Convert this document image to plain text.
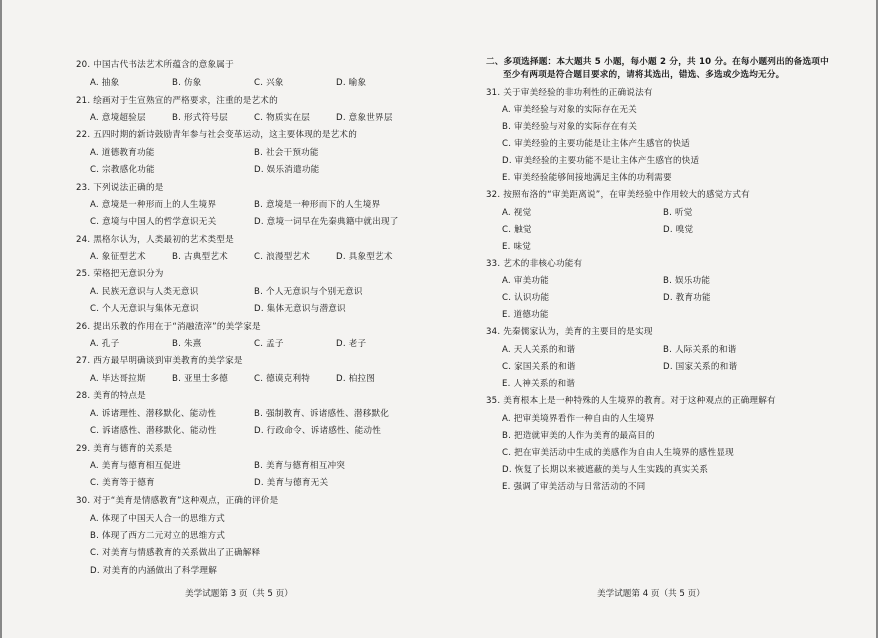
20. 中国古代书法艺术所蕴含的意象属于
A. 抽象	B. 仿象	C. 兴象	D. 喻象
21. 绘画对于生宣熟宣的严格要求，注重的是艺术的
A. 意境超验层	B. 形式符号层	C. 物质实在层	D. 意象世界层
22. 五四时期的新诗鼓励青年参与社会变革运动，这主要体现的是艺术的
A. 道德教育功能	B. 社会干预功能
C. 宗教感化功能	D. 娱乐消遣功能
23. 下列说法正确的是
A. 意境是一种形而上的人生境界	B. 意境是一种形而下的人生境界
C. 意境与中国人的哲学意识无关	D. 意境一词早在先秦典籍中就出现了
24. 黑格尔认为，人类最初的艺术类型是
A. 象征型艺术	B. 古典型艺术	C. 浪漫型艺术	D. 具象型艺术
25. 荣格把无意识分为
A. 民族无意识与人类无意识	B. 个人无意识与个别无意识
C. 个人无意识与集体无意识	D. 集体无意识与潜意识
26. 提出乐教的作用在于“消融渣滓”的美学家是
A. 孔子	B. 朱熹	C. 孟子	D. 老子
27. 西方最早明确谈到审美教育的美学家是
A. 毕达哥拉斯	B. 亚里士多德	C. 德谟克利特	D. 柏拉图
28. 美育的特点是
A. 诉诸理性、潜移默化、能动性	B. 强制教育、诉诸感性、潜移默化
C. 诉诸感性、潜移默化、能动性	D. 行政命令、诉诸感性、能动性
29. 美育与德育的关系是
A. 美育与德育相互促进	B. 美育与德育相互冲突
C. 美育等于德育	D. 美育与德育无关
30. 对于“美育是情感教育”这种观点，正确的评价是
A. 体现了中国天人合一的思维方式
B. 体现了西方二元对立的思维方式
C. 对美育与情感教育的关系做出了正确解释
D. 对美育的内涵做出了科学理解
美学试题第 3 页（共 5 页）
二、多项选择题：本大题共 5 小题，每小题 2 分，共 10 分。在每小题列出的备选项中
至少有两项是符合题目要求的，请将其选出，错选、多选或少选均无分。
31. 关于审美经验的非功利性的正确说法有
A. 审美经验与对象的实际存在无关
B. 审美经验与对象的实际存在有关
C. 审美经验的主要功能是让主体产生感官的快适
D. 审美经验的主要功能不是让主体产生感官的快适
E. 审美经验能够间接地满足主体的功利需要
32. 按照布洛的“审美距离说”，在审美经验中作用较大的感觉方式有
A. 视觉	B. 听觉
C. 触觉	D. 嗅觉
E. 味觉
33. 艺术的非核心功能有
A. 审美功能	B. 娱乐功能
C. 认识功能	D. 教育功能
E. 道德功能
34. 先秦儒家认为，美育的主要目的是实现
A. 天人关系的和谐	B. 人际关系的和谐
C. 家国关系的和谐	D. 国家关系的和谐
E. 人神关系的和谐
35. 美育根本上是一种特殊的人生境界的教育。对于这种观点的正确理解有
A. 把审美境界看作一种自由的人生境界
B. 把造就审美的人作为美育的最高目的
C. 把在审美活动中生成的美感作为自由人生境界的感性显现
D. 恢复了长期以来被遮蔽的美与人生实践的真实关系
E. 强调了审美活动与日常活动的不同
美学试题第 4 页（共 5 页）
